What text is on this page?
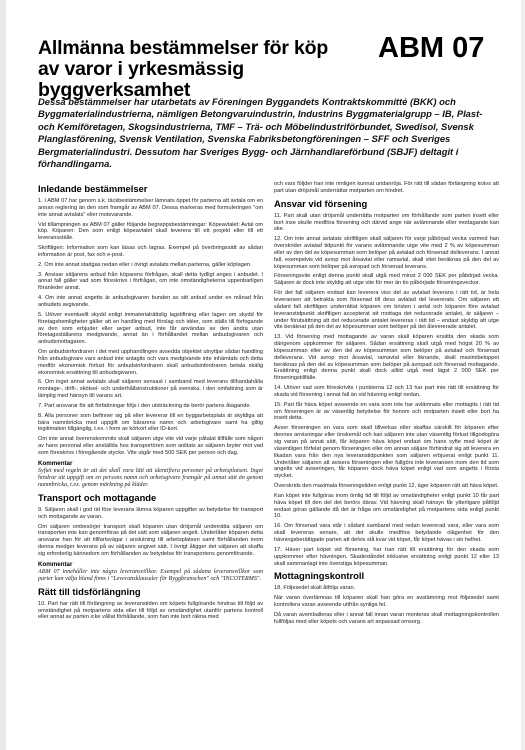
Allmänna bestämmelser för köp
av varor i yrkesmässig byggverksamhet
ABM 07
Dessa bestämmelser har utarbetats av Föreningen Byggandets Kontraktskommitté (BKK) och Byggmaterialindustrierna, nämligen Betongvaruindustrin, Industrins Byggmaterialgrupp – IB, Plast- och Kemiföretagen, Skogsindustrierna, TMF – Trä- och Möbelindustriförbundet, Swedisol, Svensk Planglasförening, Svensk Ventilation, Svenska Fabriksbetongföreningen – SFF och Sveriges Bergmaterialindustri. Dessutom har Sveriges Bygg- och Järnhandlareförbund (SBJF) deltagit i förhandlingarna.
Inledande bestämmelser

1. I ABM 07 har genom s.k. täckbestämmelser lämnats öppet för parterna att avtala om en annan reglering än den som framgår av ABM 07. Dessa markeras med formuleringen "om inte annat avtalats" eller motsvarande.

Vid tillämpningen av ABM 07 gäller följande begreppsbestämningar: Köpeavtalet: Avtal om köp. Köparen: Den som enligt köpeavtalet skall leverera till ett projekt eller till ett leveransställe.

Skriftligen: Information som kan läsas och lagras. Exempel på överbringssätt av sådan information är post, fax och e-post.

2. Om inte annat stadgas nedan eller i övrigt avtalats mellan parterna, gäller köplagen.

3. Anvisar säljarens anbud från köparens förfrågan, skall detta tydligt anges i anbudet. I annat fall gäller vad som föreskrivs i förfrågan, om inte omständigheterna uppenbarligen föranleder annat.

4. Om inte annat angetts är anbudsgivaren bunden av sitt anbud under en månad från anbudets avgivande.

5. Utöver eventuellt skydd enligt immaterialrättslig lagstiftning eller lagen om skydd för företagshemligheter gäller att en handling med förslag och idéer, som ställs till förfogande av den som erbjuder eller avger anbud, inte får användas av den andra utan företagsställarens medgivande, annat än i förhållandet mellan anbudsgivaren och anbudsmottagaren.

Om anbudsinfordraren i det med upphandlingen avsedda objektet utnyttjar sådan handling från anbudsgivare vars anbud inte antagits och vars medgivande inte inhämtats och detta medför ekonomisk förlust för anbudsinfordraren skall anbudsinfordraren betala skälig ekonomisk ersättning till anbudsgivaren.

6. Om inget annat avtalats skall säljaren sensast i samband med leverans tillhandahålla montage-, drift-, skötsel- och underhållsinstruktioner på svenska, i den omfattning som är lämplig med hänsyn till varans art.

7. Part ansvarar för att författningar följs i den utsträckning de berör partens åtagande.

8. Alla personer som befinner sig på eller levererar till en byggarbetsplats är skyldiga att bära namnbricka med uppgift om bärarens namn och arbetsgivare samt ha giltig legitimation tillgänglig, t.ex. i form av körkort eller ID-kort.

Om inte annat överenskommits skall säljaren utge vite vid varje påtalat tillfälle som någon av hans personal eller anställda hos transportören som anlitats av säljaren bryter mot vad som föreskrivs i föregående stycke. Vite utgår med 500 SEK per person och dag.

Kommentar

Syftet med regeln är att det skall vara lätt att identifiera personer på arbetsplatsen. Inget hindrar att uppgift om en persons namn och arbetsgivare framgår på annat sätt än genom namnbricka, t.ex. genom märkning på kläder.

Transport och mottagande

9. Säljaren skall i god tid före leverans lämna köparen uppgifter av betydelse för transport och mottagande av varan.

Om säljaren ombesörjer transport skall köparen utan dröjsmål underrätta säljaren om transporten inte kan genomföras på det sätt som säljaren angett. Underlåter köparen detta ansvarar han för att tillfartsvägar i anslutning till arbetsplatsen samt förhållanden inom denna medger leverans på av säljaren angivet sätt. I övrigt åligger det säljaren att skaffa sig erforderlig kännedom om förhållanden av betydelse för transportens genomförande.

Kommentar

ABM 07 innehåller inte några leveransvillkor. Exempel på sådana leveransvillkor som parter kan välja bland finns i "Leveransklausuler för Byggbranschen" och "INCOTERMS".

Rätt till tidsförlängning

10. Part har rätt till förlängning av leveranstiden om köpets fullgörande hindras till följd av omständighet på motpartens sida eller till följd av omständighet utanför partens kontroll eller annat av parten icke vållat förhållande, som han inte bort räkna med

och vars följder han inte rimligen kunnat undanröja. För rätt till sådan förlängning krävs att part utan dröjsmål underrättar motparten om hindret.

Ansvar vid försening

11. Part skall utan dröjsmål underrätta motparten om förhållande som parten insett eller bort inse skulle medföra försening och därvid ange när avlämnande eller mottagande kan ske.

12. Om inte annat avtalats skriftligen skall säljaren för varje påbörjad vecka varmed han överskrider avtalad tidpunkt för varans avlämnande utge vite med 2 % av köpesumman eller av den del av köpesumman som belöper på avtalad och försenad delleverans. I annat fall, exempelvis vid avrop mot årsavtal eller ramavtal, skall vitet beräknas på den del av köpesumman som belöper på avropad och försenad leverans.

Förseningsvite enligt denna punkt skall utgå med minst 2 000 SEK per påbörjad vecka. Säljaren är dock inte skyldig att utge vite för mer än tio påbörjade förseningsveckor.

För det fall säljaren endast kan leverera viss del av avtalad leverans i rätt tid, är hela leveransen att betrakta som försenad till dess avtalad del levererats. Om säljaren ett sådant fall skriftligen underrättat köparen om bristen i antal och köparen före avtalad leveranstidpunkt skriftligen accepterat att mottaga det reducerade antalet, är säljaren – under förutsättning att det reducerade antalet levereras i rätt tid – endast skyldig att utge vite beräknat på den del av köpesumman som belöper på det ålevererade antalet.

13. Vid försening med mottagande av varan skall köparen ersätta den skada som därigenom uppkommer för säljaren. Sådan ersättning skall utgå med högst 20 % av köpesumman eller av den del av köpesumman som belöper på avtalad och försenad delleverans. Vid avrop mot årsavtal, ramavtal eller liknande, skall maximibeloppet beräknas på den del av köpesumman som belöper på avropad och försenad mottagande. Ersättning enligt denna punkt skall dock alltid utgå med lägst 2 000 SEK per förseningstillfälle.

14. Utöver vad som föreskrivits i punkterna 12 och 13 har part inte rätt till ersättning för skada vid försening i annat fall än vid hävning enligt nedan.

15. Part får häva köpet avseende en vara som inte har avlämnats eller mottagits i rätt tid om förseningen är av väsentlig betydelse för honom och motparten insett eller bort ha insett detta.

Avser förseningen en vara som skall tillverkas eller skaffas särskilt för köparen efter dennes anvisningar eller önskemål och kan säljaren inte utan väsentlig förlust tillgodogöra sig varan på annat sätt, får köparen häva köpet endast om hans syfte med köpet är väsentligen förfelat genom förseningen eller om annan säljare förhindrat sig att leverera en likadan vara från den nya leveranstidpunkten som säljaren erbjuerat enligt punkt 11. Underlåter säljaren att avisera förseningen eller fullgörs inte leveransen inom den tid som angetts vid aviseringen, får köparen dock häva köpet enligt vad som angetts i första stycket.

Överskrids den maximala förseningstiden enligt punkt 12, äger köparen rätt att häva köpet.

Kan köpet inte fullgöras inom ömlig tid till följd av omständigheter enligt punkt 10 får part häva köpet till den del det berörs därav. Vid hävning skall hänsyn får ytterligare påföljd endast göras gällande då det är fråga om omständighet på motpartens sida enligt punkt 10.

16. Om försenad vara står i sådant samband med redan levererad vara, eller vara som skall levereras senare, att det skulle medföra betydande olägenhet för den hävningsberättigade parten att delvis stå kvar vid köpet, får köpet hävas i sin helhet.

17. Häver part köpet vid försening, har han rätt till ersättning för den skada som uppkommer efter hävningen. Skadeståndet inklusive ersättning enligt punkt 12 eller 13 skall sammanlagt inte överstiga köpesumman.

Mottagningskontroll

18. Följesedel skall åtfölja varan.

När varan överlämnas till köparen skall han göra en avstämning mot följesedel samt kontrollera varan avseende utifrån synliga fel.

Då varan avemballeras eller i annat fall innan varan monteras skall mottagningskontrollen fullföljas med eller köpets och varans art anpassad omsorg.
